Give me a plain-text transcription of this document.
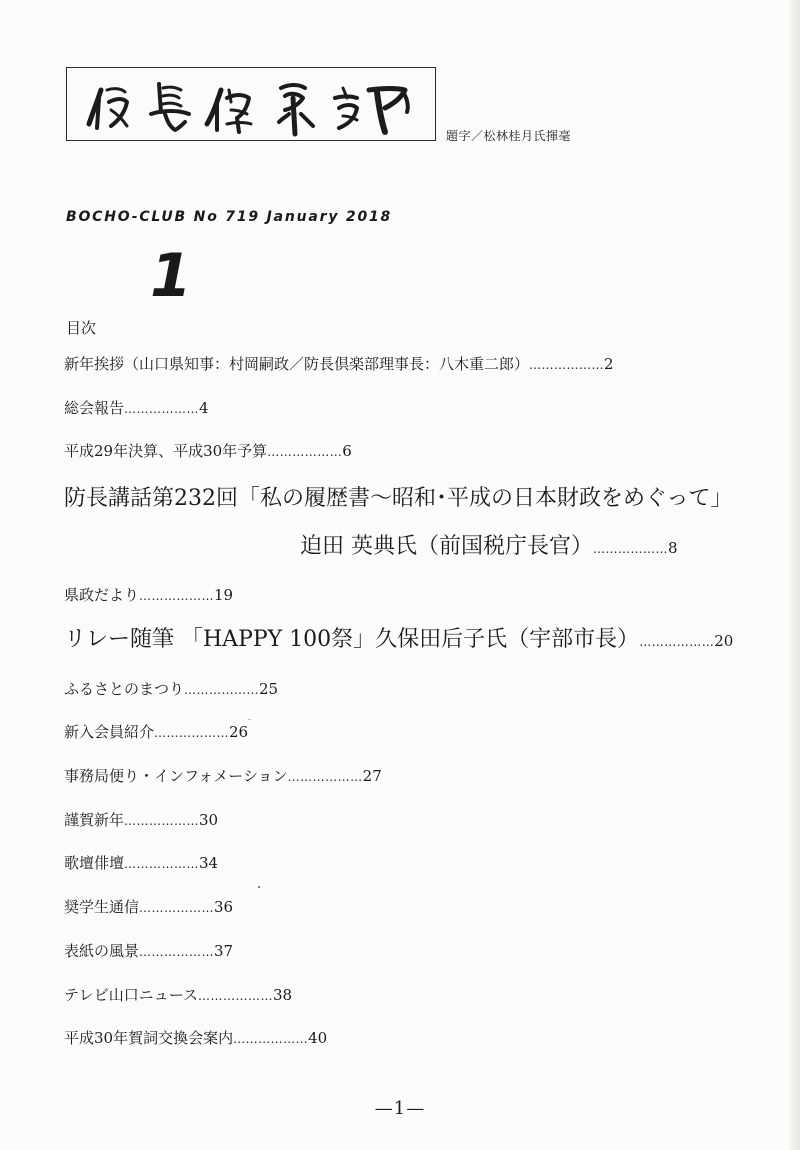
題字／松林桂月氏揮毫
BOCHO-CLUB No 719 January 2018
1
目次
新年挨拶（山口県知事：村岡嗣政／防長倶楽部理事長：八木重二郎）………………2
総会報告………………4
平成29年決算、平成30年予算………………6
防長講話第232回「私の履歴書～昭和･平成の日本財政をめぐって」
迫田 英典氏（前国税庁長官）………………8
県政だより………………19
リレー随筆 「HAPPY 100祭」久保田后子氏（宇部市長）………………20
ふるさとのまつり………………25
新入会員紹介………………26
事務局便り・インフォメーション………………27
謹賀新年………………30
歌壇俳壇………………34
奨学生通信………………36
表紙の風景………………37
テレビ山口ニュース………………38
平成30年賀詞交換会案内………………40
—1—
